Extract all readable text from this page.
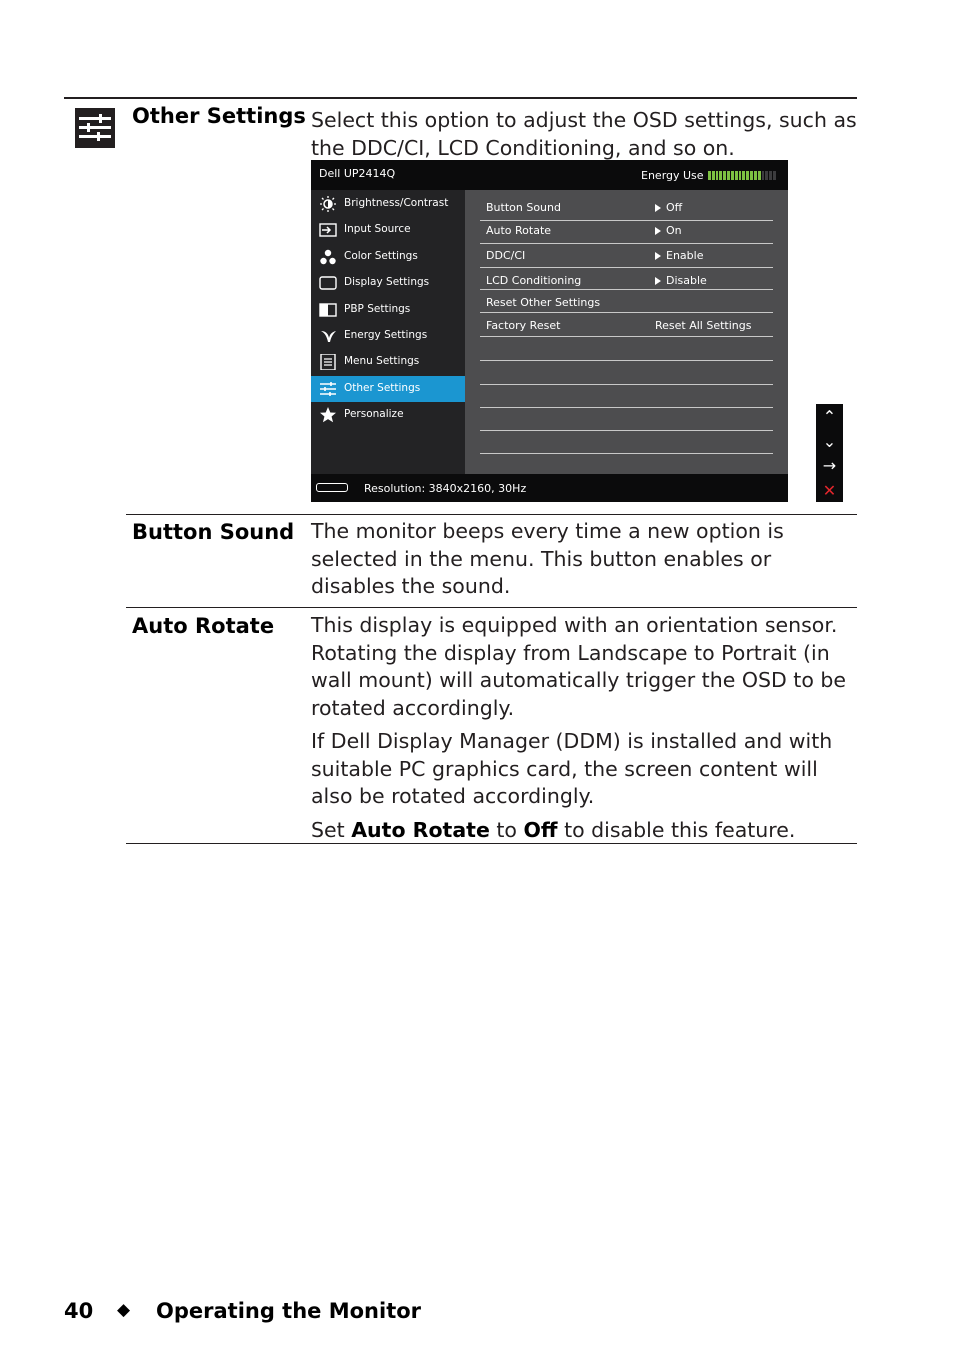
Other Settings Select this option to adjust the OSD settings, such as the DDC/CI, LCD Conditioning, and so on.

Dell UP2414Q	Energy Use
Brightness/Contrast
Input Source
Color Settings
Display Settings
PBP Settings
Energy Settings
Menu Settings
Other Settings
Personalize
Button Sound	Off
Auto Rotate	On
DDC/CI	Enable
LCD Conditioning	Disable
Reset Other Settings
Factory Reset	Reset All Settings
Resolution: 3840x2160, 30Hz
⌃
⌄
→
✕
Button Sound The monitor beeps every time a new option is selected in the menu. This button enables or disables the sound.

Auto Rotate This display is equipped with an orientation sensor. Rotating the display from Landscape to Portrait (in wall mount) will automatically trigger the OSD to be rotated accordingly.

If Dell Display Manager (DDM) is installed and with suitable PC graphics card, the screen content will also be rotated accordingly.

Set Auto Rotate to Off to disable this feature.

40 ◆ Operating the Monitor
